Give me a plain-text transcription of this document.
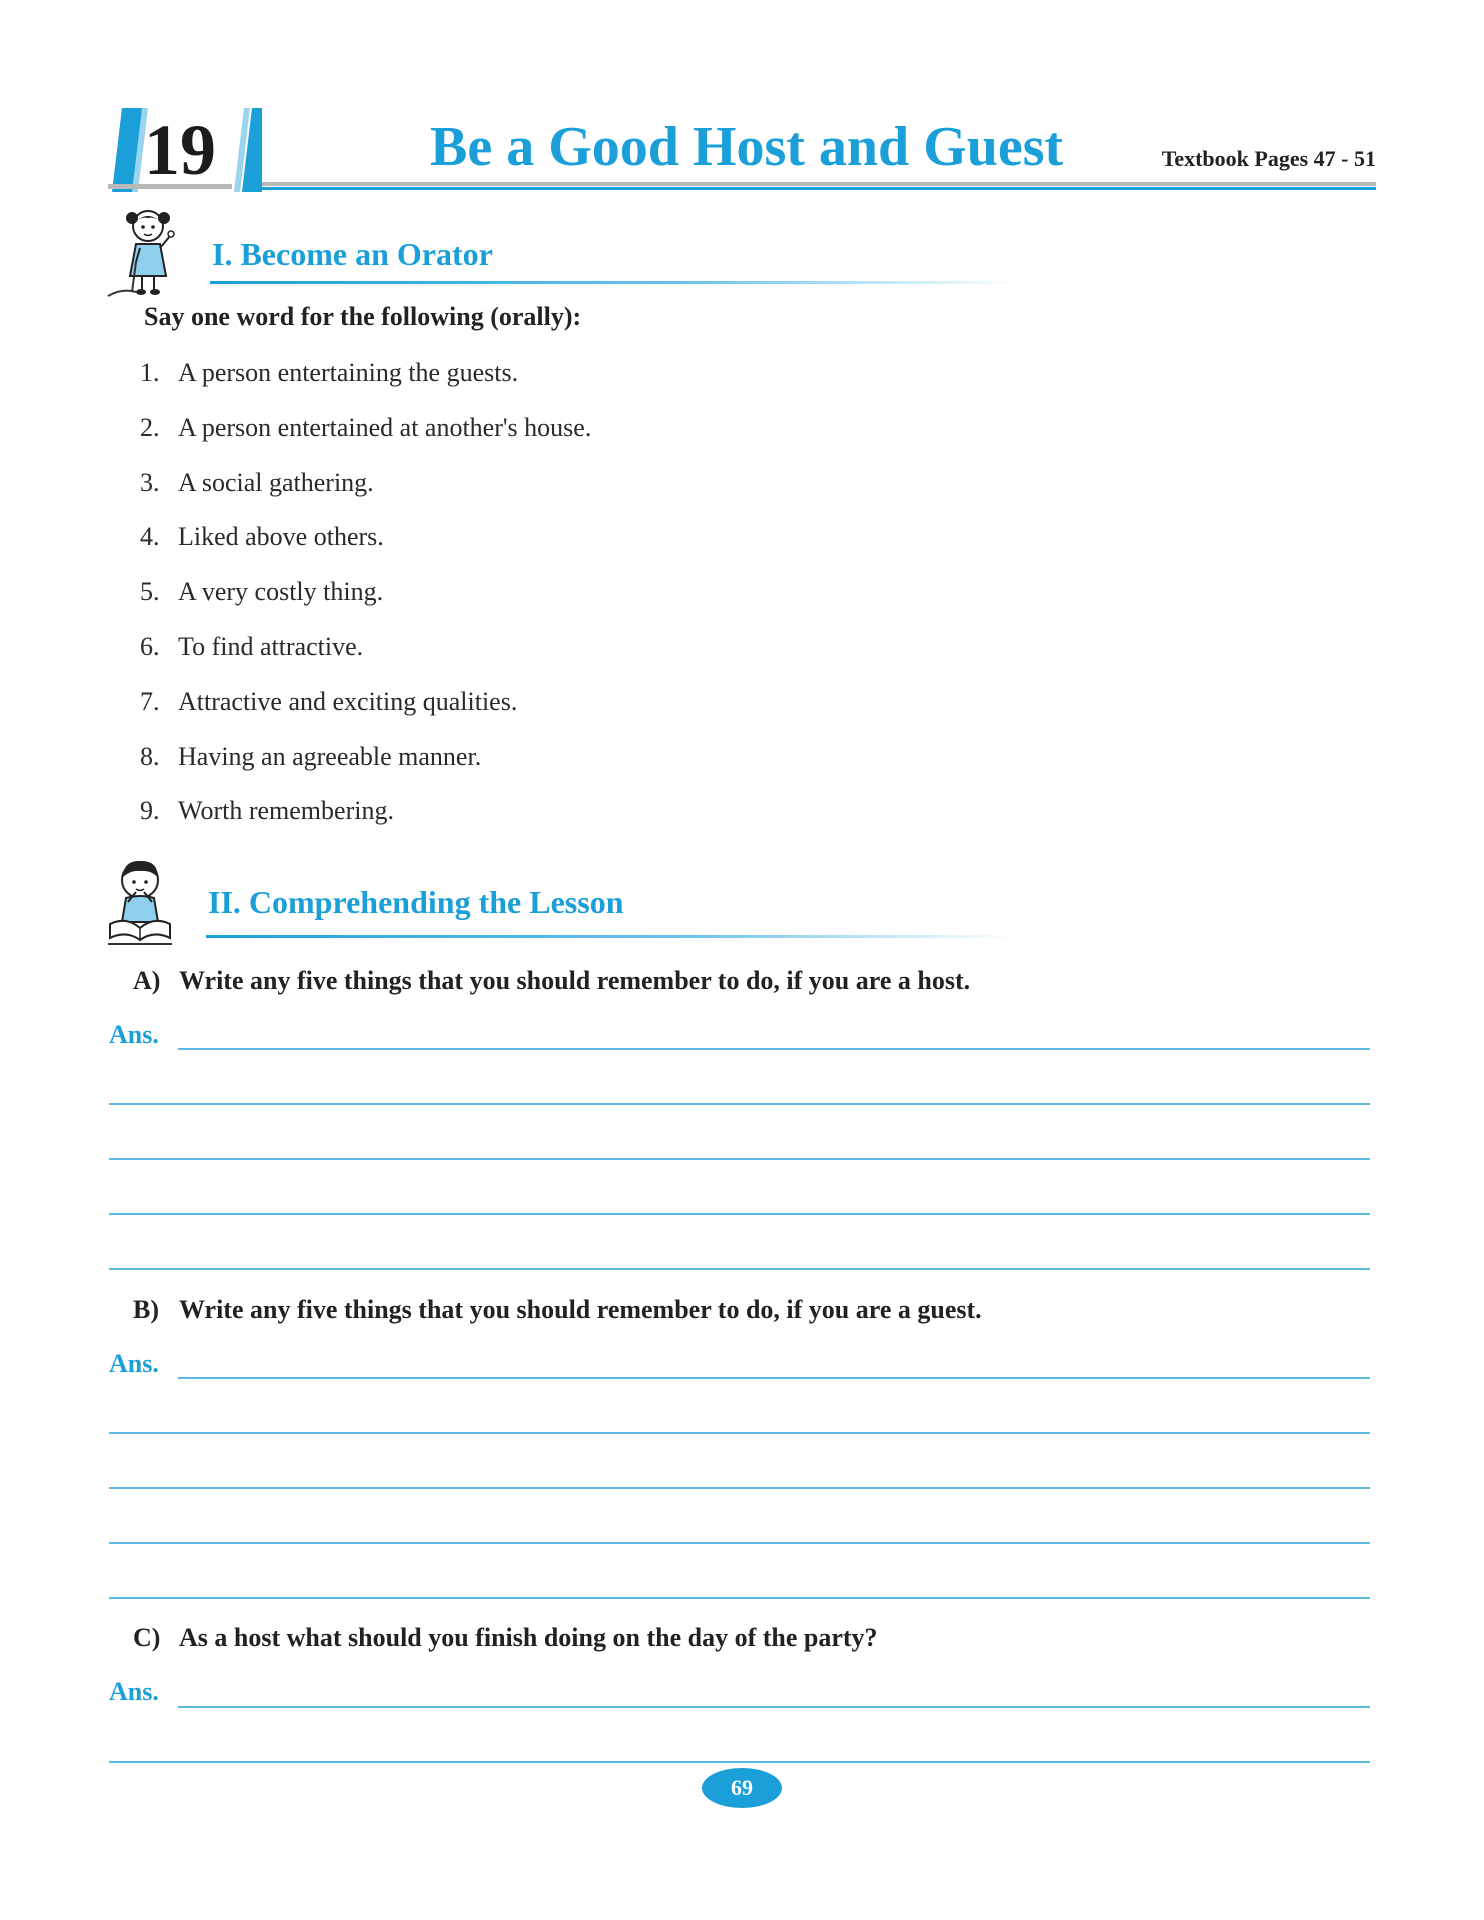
19	Be a Good Host and Guest	Textbook Pages 47 - 51
I. Become an Orator
Say one word for the following (orally):
1. A person entertaining the guests.
2. A person entertained at another's house.
3. A social gathering.
4. Liked above others.
5. A very costly thing.
6. To find attractive.
7. Attractive and exciting qualities.
8. Having an agreeable manner.
9. Worth remembering.
II. Comprehending the Lesson
A) Write any five things that you should remember to do, if you are a host.
Ans.
B) Write any five things that you should remember to do, if you are a guest.
Ans.
C) As a host what should you finish doing on the day of the party?
Ans.
69
